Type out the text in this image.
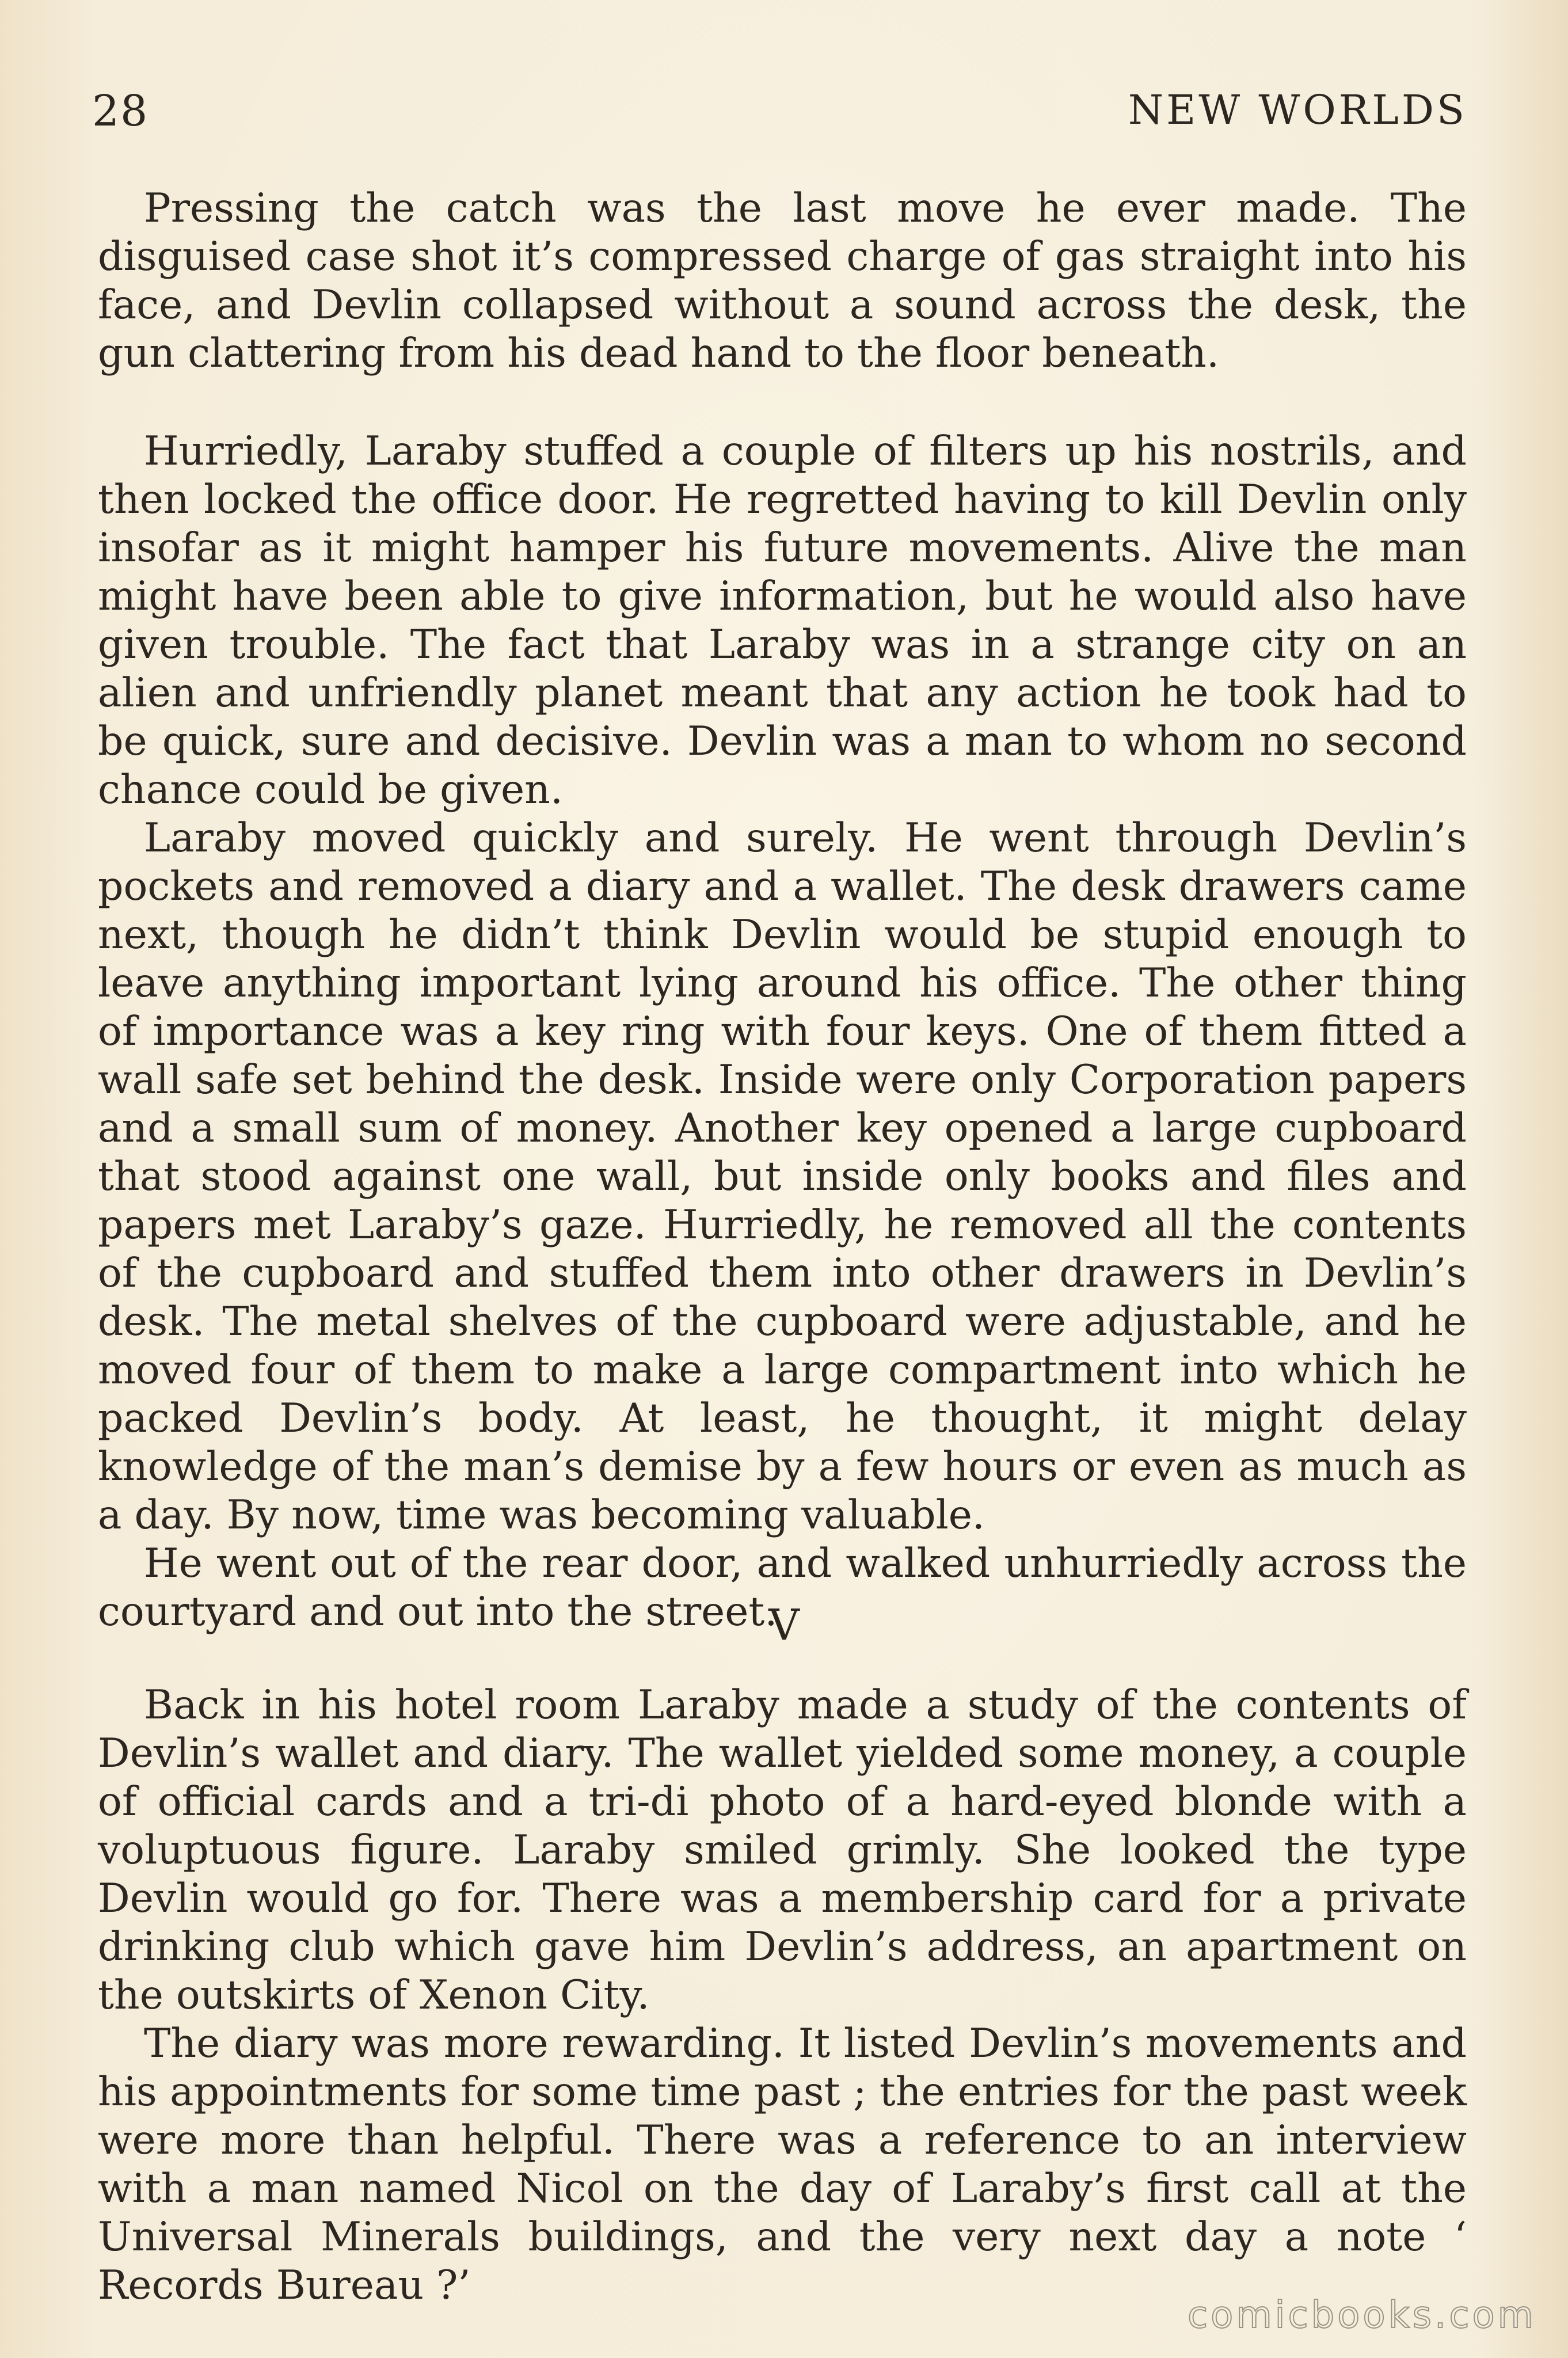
28	NEW WORLDS

Pressing the catch was the last move he ever made. The disguised case shot it’s compressed charge of gas straight into his face, and Devlin collapsed without a sound across the desk, the gun clattering from his dead hand to the floor beneath.

Hurriedly, Laraby stuffed a couple of filters up his nostrils, and then locked the office door. He regretted having to kill Devlin only insofar as it might hamper his future movements. Alive the man might have been able to give information, but he would also have given trouble. The fact that Laraby was in a strange city on an alien and unfriendly planet meant that any action he took had to be quick, sure and decisive. Devlin was a man to whom no second chance could be given.

Laraby moved quickly and surely. He went through Devlin’s pockets and removed a diary and a wallet. The desk drawers came next, though he didn’t think Devlin would be stupid enough to leave anything important lying around his office. The other thing of importance was a key ring with four keys. One of them fitted a wall safe set behind the desk. Inside were only Corporation papers and a small sum of money. Another key opened a large cupboard that stood against one wall, but inside only books and files and papers met Laraby’s gaze. Hurriedly, he removed all the contents of the cupboard and stuffed them into other drawers in Devlin’s desk. The metal shelves of the cupboard were adjustable, and he moved four of them to make a large compartment into which he packed Devlin’s body. At least, he thought, it might delay knowledge of the man’s demise by a few hours or even as much as a day. By now, time was becoming valuable.

He went out of the rear door, and walked unhurriedly across the courtyard and out into the street.

V

Back in his hotel room Laraby made a study of the contents of Devlin’s wallet and diary. The wallet yielded some money, a couple of official cards and a tri-di photo of a hard-eyed blonde with a voluptuous figure. Laraby smiled grimly. She looked the type Devlin would go for. There was a membership card for a private drinking club which gave him Devlin’s address, an apartment on the outskirts of Xenon City.

The diary was more rewarding. It listed Devlin’s movements and his appointments for some time past ; the entries for the past week were more than helpful. There was a reference to an interview with a man named Nicol on the day of Laraby’s first call at the Universal Minerals buildings, and the very next day a note ‘ Records Bureau ?’

comicbooks.com
